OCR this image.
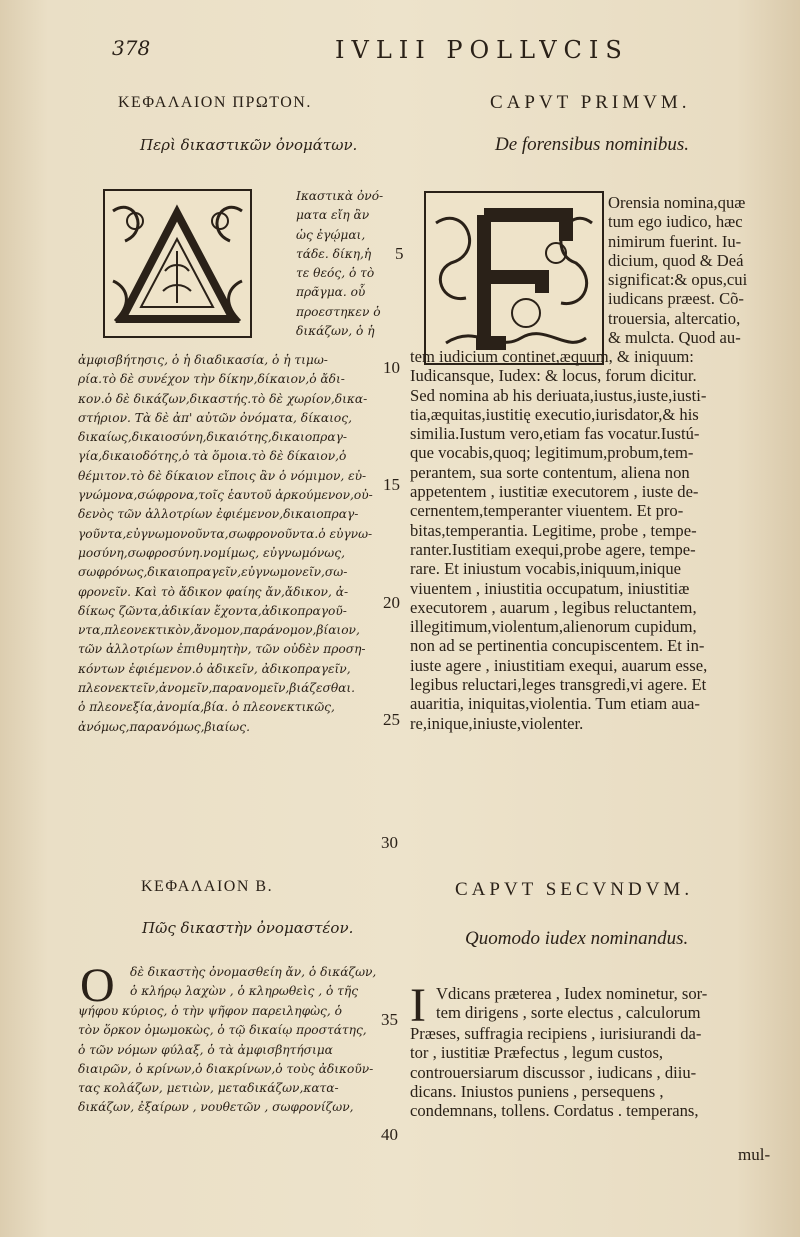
378	IVLII POLLVCIS
ΚΕΦΑΛΑΙΟΝ ΠΡΩΤΟΝ.
Περὶ δικαστικῶν ὀνομάτων.
CAPVT PRIMVM.
De forensibus nominibus.
Ικαστικὰ ὀνό-
ματα εἴη ἂν
ὡς ἐγῴμαι,
τάδε. δίκη,ἡ
τε θεός, ὁ τὸ
πρᾶγμα. οὗ
προεστηκεν ὁ
δικάζων, ὁ ἡ
ἀμφισβήτησις, ὁ ἡ διαδικασία, ὁ ἡ τιμω-
ρία.τὸ δὲ συνέχον τὴν δίκην,δίκαιον,ὁ ἄδι-
κον.ὁ δὲ δικάζων,δικαστής.τὸ δὲ χωρίον,δικα-
στήριον. Τὰ δὲ ἀπ' αὐτῶν ὀνόματα, δίκαιος,
δικαίως,δικαιοσύνη,δικαιότης,δικαιοπραγ-
γία,δικαιοδότης,ὁ τὰ ὅμοια.τὸ δὲ δίκαιον,ὁ
θέμιτον.τὸ δὲ δίκαιον εἴποις ἂν ὁ νόμιμον, εὐ-
γνώμονα,σώφρονα,τοῖς ἑαυτοῦ ἀρκούμενον,οὐ-
δενὸς τῶν ἀλλοτρίων ἐφιέμενον,δικαιοπραγ-
γοῦντα,εὐγνωμονοῦντα,σωφρονοῦντα.ὁ εὐγνω-
μοσύνη,σωφροσύνη.νομίμως, εὐγνωμόνως,
σωφρόνως,δικαιοπραγεῖν,εὐγνωμονεῖν,σω-
φρονεῖν. Καὶ τὸ ἄδικον φαίης ἄν,ἄδικον, ἀ-
δίκως ζῶντα,ἀδικίαν ἔχοντα,ἀδικοπραγοῦ-
ντα,πλεονεκτικὸν,ἄνομον,παράνομον,βίαιον,
τῶν ἀλλοτρίων ἐπιθυμητὴν, τῶν οὐδὲν προση-
κόντων ἐφιέμενον.ὁ ἀδικεῖν, ἀδικοπραγεῖν,
πλεονεκτεῖν,ἀνομεῖν,παρανομεῖν,βιάζεσθαι.
ὁ πλεονεξία,ἀνομία,βία. ὁ πλεονεκτικῶς,
ἀνόμως,παρανόμως,βιαίως.
Orensia nomina,quæ
tum ego iudico, hæc
nimirum fuerint. Iu-
dicium, quod & Deá
significat:& opus,cui
iudicans præest. Cõ-
trouersia, altercatio,
& mulcta. Quod au-
tem iudicium continet,æquum, & iniquum:
Iudicansque, Iudex: & locus, forum dicitur.
Sed nomina ab his deriuata,iustus,iuste,iusti-
tia,æquitas,iustitię executio,iurisdator,& his
similia.Iustum vero,etiam fas vocatur.Iustú-
que vocabis,quoq; legitimum,probum,tem-
perantem, sua sorte contentum, aliena non
appetentem , iustitiæ executorem , iuste de-
cernentem,temperanter viuentem. Et pro-
bitas,temperantia. Legitime, probe , tempe-
ranter.Iustitiam exequi,probe agere, tempe-
rare. Et iniustum vocabis,iniquum,inique
viuentem , iniustitia occupatum, iniustitiæ
executorem , auarum , legibus reluctantem,
illegitimum,violentum,alienorum cupidum,
non ad se pertinentia concupiscentem. Et in-
iuste agere , iniustitiam exequi, auarum esse,
legibus reluctari,leges transgredi,vi agere. Et
auaritia, iniquitas,violentia. Tum etiam aua-
re,inique,iniuste,violenter.
ΚΕΦΑΛΑΙΟΝ Β.
Πῶς δικαστὴν ὀνομαστέον.
CAPVT SECVNDVM.
Quomodo iudex nominandus.
Ο δὲ δικαστὴς ὀνομασθείη ἄν, ὁ δικάζων,
ὁ κλήρῳ λαχὼν , ὁ κληρωθεὶς , ὁ τῆς
ψήφου κύριος, ὁ τὴν ψῆφον παρειληφὼς, ὁ
τὸν ὅρκον ὀμωμοκὼς, ὁ τῷ δικαίῳ προστάτης,
ὁ τῶν νόμων φύλαξ, ὁ τὰ ἀμφισβητήσιμα
διαιρῶν, ὁ κρίνων,ὁ διακρίνων,ὁ τοὺς ἀδικοῦν-
τας κολάζων, μετιὼν, μεταδικάζων,κατα-
δικάζων, ἐξαίρων , νουθετῶν , σωφρονίζων,
I Vdicans præterea , Iudex nominetur, sor-
tem dirigens , sorte electus , calculorum
Præses, suffragia recipiens , iurisiurandi da-
tor , iustitiæ Præfectus , legum custos,
controuersiarum discussor , iudicans , diiu-
dicans. Iniustos puniens , persequens ,
condemnans, tollens. Cordatus . temperans,
mul-
5
10
15
20
25
30
35
40
